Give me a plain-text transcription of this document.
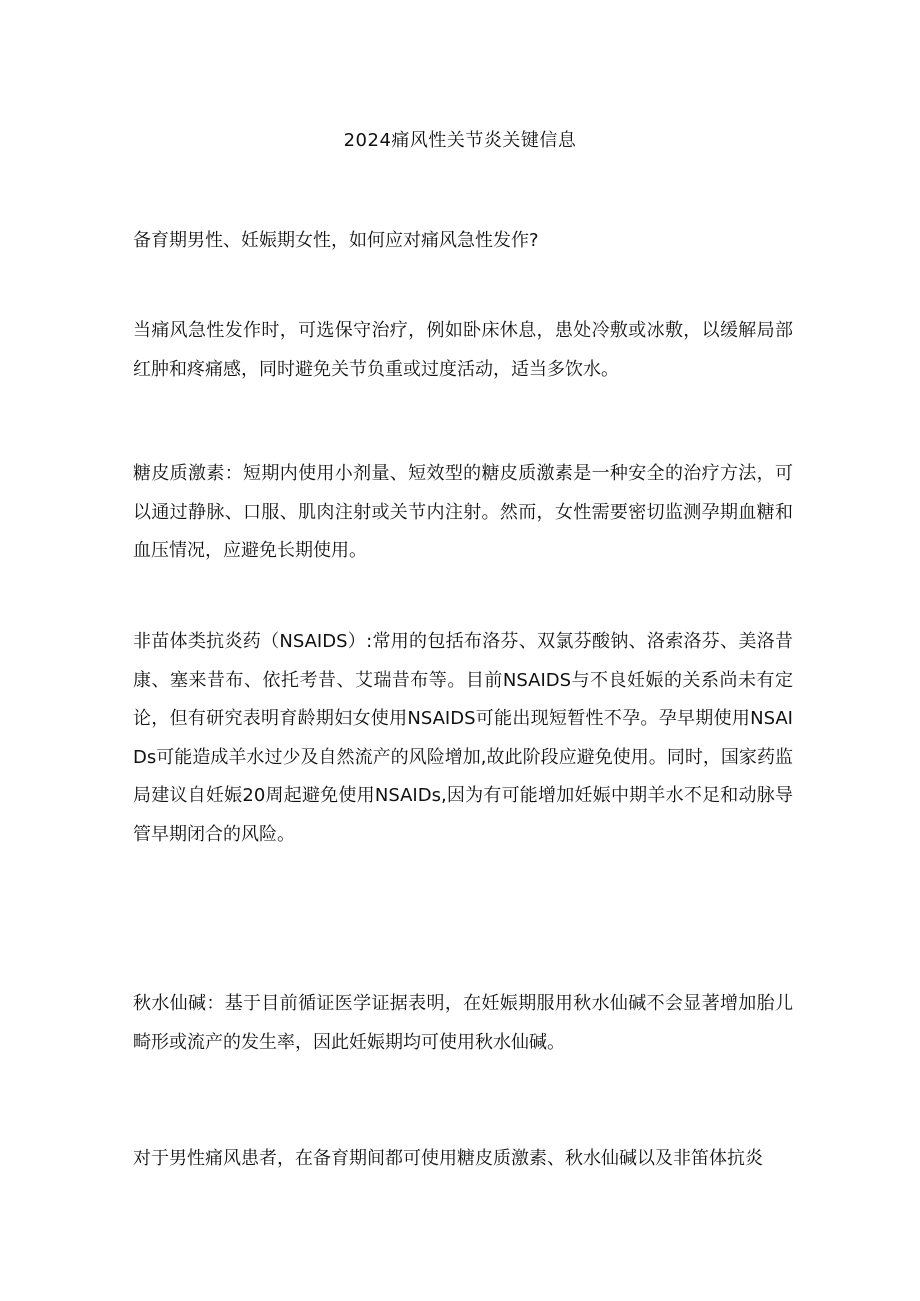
2024痛风性关节炎关键信息

备育期男性、妊娠期女性，如何应对痛风急性发作?

当痛风急性发作时，可选保守治疗，例如卧床休息，患处冷敷或冰敷，以缓解局部红肿和疼痛感，同时避免关节负重或过度活动，适当多饮水。

糖皮质激素：短期内使用小剂量、短效型的糖皮质激素是一种安全的治疗方法，可以通过静脉、口服、肌肉注射或关节内注射。然而，女性需要密切监测孕期血糖和血压情况，应避免长期使用。

非苗体类抗炎药（NSAIDS）:常用的包括布洛芬、双氯芬酸钠、洛索洛芬、美洛昔康、塞来昔布、依托考昔、艾瑞昔布等。目前NSAIDS与不良妊娠的关系尚未有定论，但有研究表明育龄期妇女使用NSAIDS可能出现短暂性不孕。孕早期使用NSAIDs可能造成羊水过少及自然流产的风险增加,故此阶段应避免使用。同时，国家药监局建议自妊娠20周起避免使用NSAIDs,因为有可能增加妊娠中期羊水不足和动脉导管早期闭合的风险。

秋水仙碱：基于目前循证医学证据表明，在妊娠期服用秋水仙碱不会显著增加胎儿畸形或流产的发生率，因此妊娠期均可使用秋水仙碱。

对于男性痛风患者，在备育期间都可使用糖皮质激素、秋水仙碱以及非笛体抗炎
